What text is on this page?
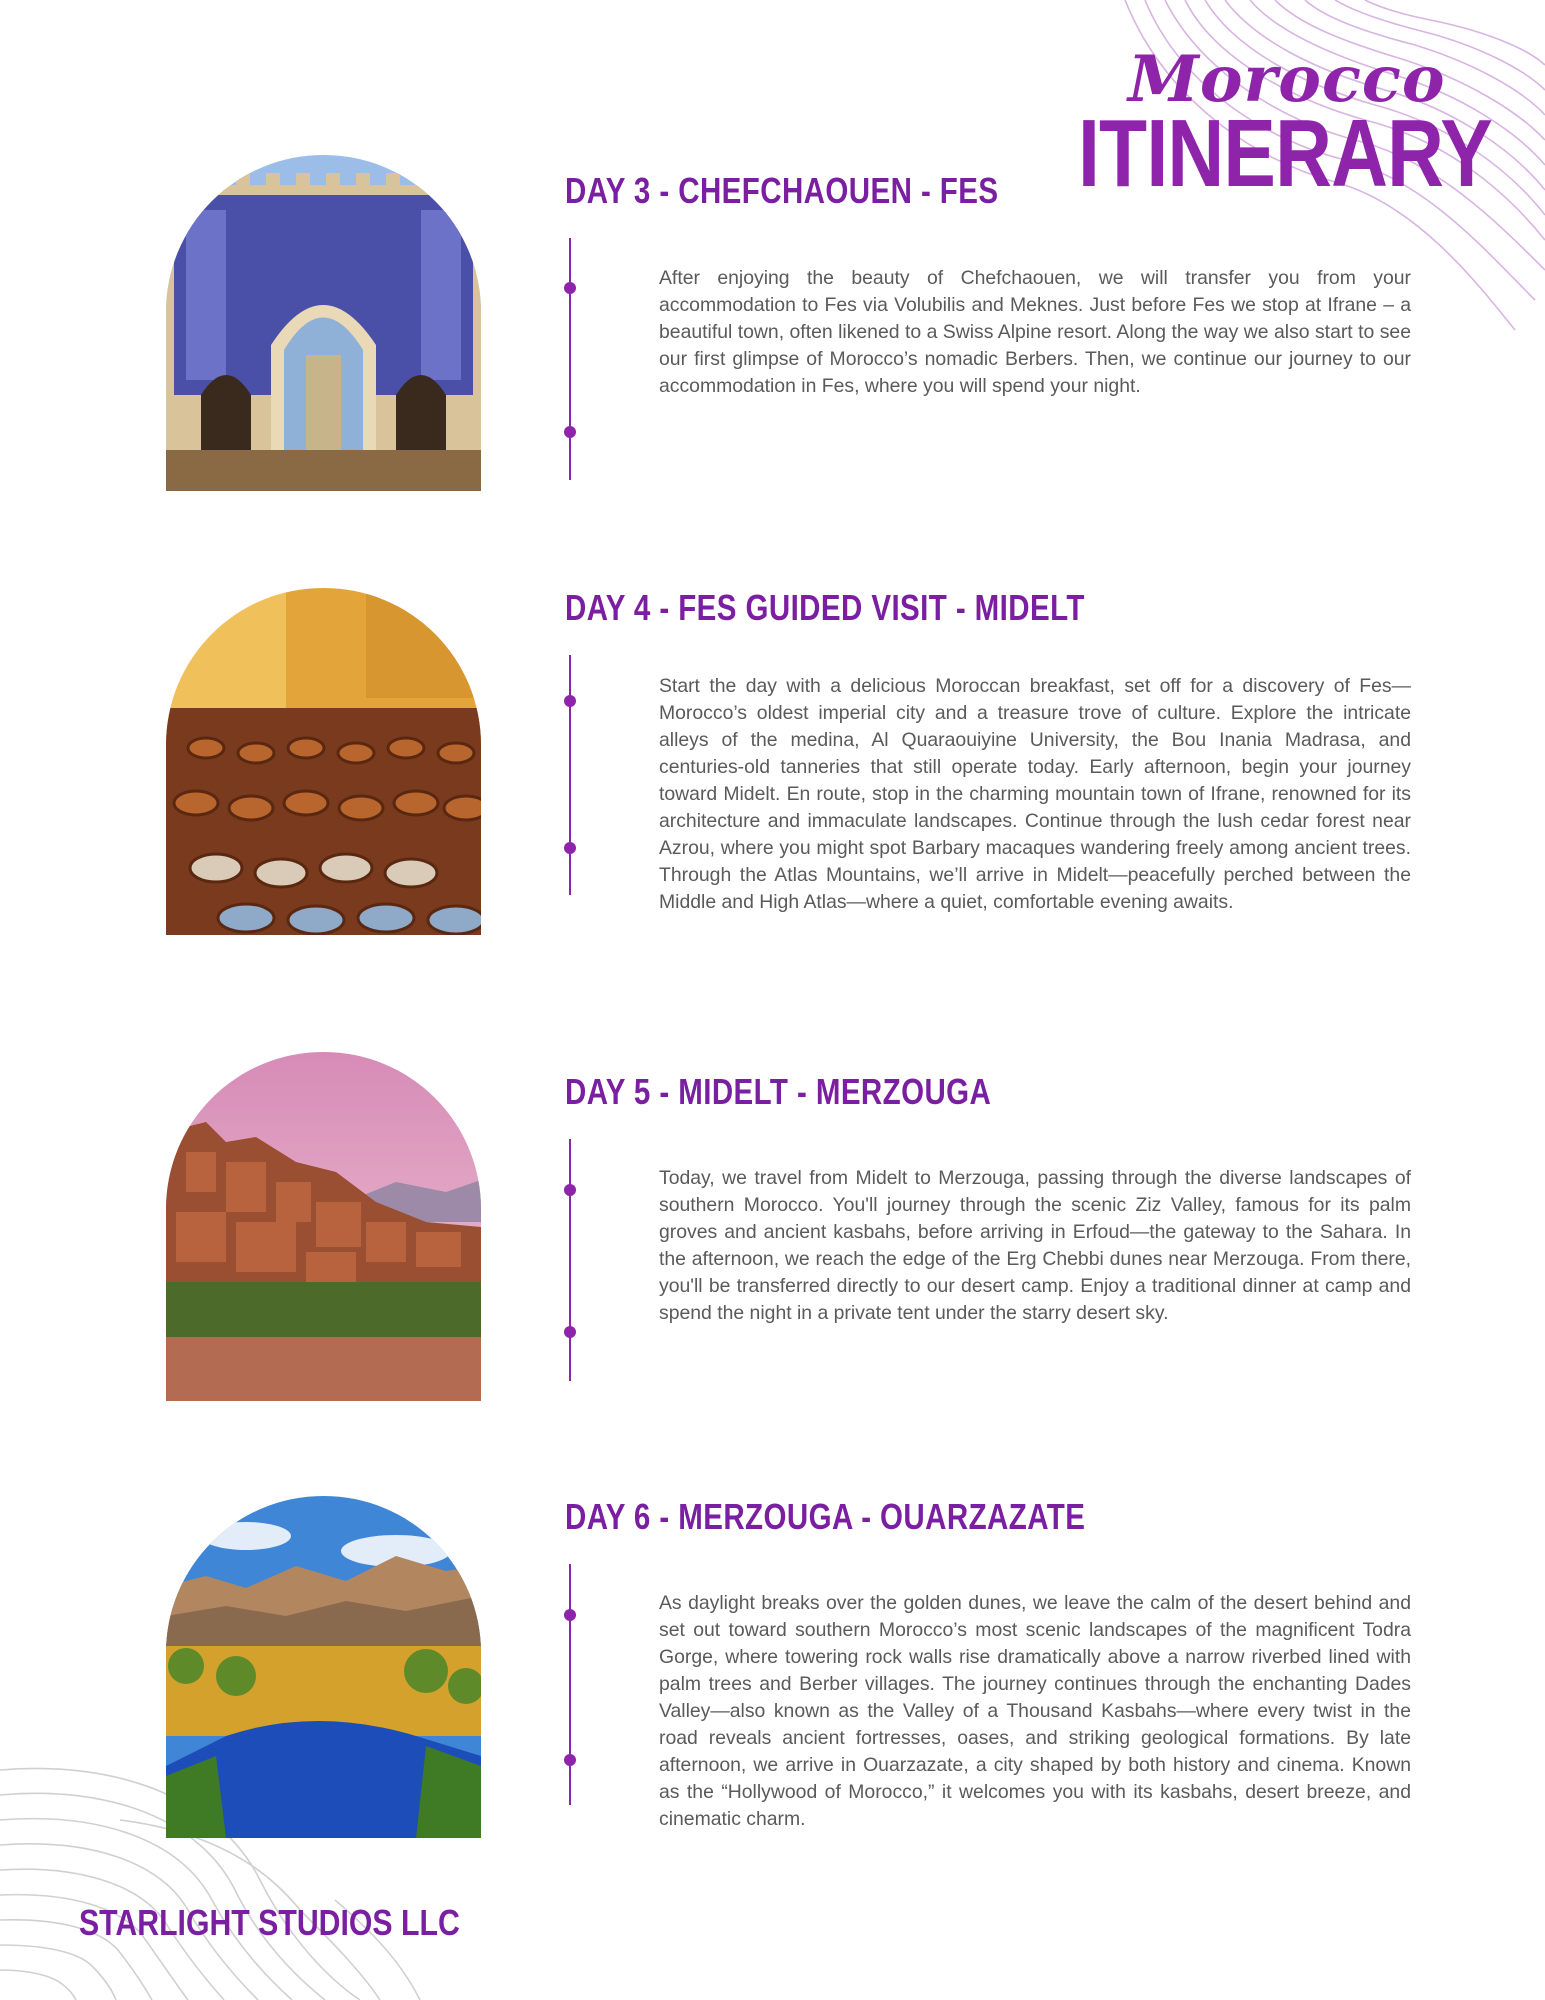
Morocco
ITINERARY
DAY 3 - CHEFCHAOUEN - FES

After enjoying the beauty of Chefchaouen, we will transfer you from your accommodation to Fes via Volubilis and Meknes. Just before Fes we stop at Ifrane – a beautiful town, often likened to a Swiss Alpine resort. Along the way we also start to see our first glimpse of Morocco’s nomadic Berbers. Then, we continue our journey to our accommodation in Fes, where you will spend your night.

DAY 4 - FES GUIDED VISIT - MIDELT

Start the day with a delicious Moroccan breakfast, set off for a discovery of Fes—Morocco’s oldest imperial city and a treasure trove of culture. Explore the intricate alleys of the medina, Al Quaraouiyine University, the Bou Inania Madrasa, and centuries-old tanneries that still operate today. Early afternoon, begin your journey toward Midelt. En route, stop in the charming mountain town of Ifrane, renowned for its architecture and immaculate landscapes. Continue through the lush cedar forest near Azrou, where you might spot Barbary macaques wandering freely among ancient trees. Through the Atlas Mountains, we’ll arrive in Midelt—peacefully perched between the Middle and High Atlas—where a quiet, comfortable evening awaits.

DAY 5 - MIDELT - MERZOUGA

Today, we travel from Midelt to Merzouga, passing through the diverse landscapes of southern Morocco. You'll journey through the scenic Ziz Valley, famous for its palm groves and ancient kasbahs, before arriving in Erfoud—the gateway to the Sahara. In the afternoon, we reach the edge of the Erg Chebbi dunes near Merzouga. From there, you'll be transferred directly to our desert camp. Enjoy a traditional dinner at camp and spend the night in a private tent under the starry desert sky.

DAY 6 - MERZOUGA - OUARZAZATE

As daylight breaks over the golden dunes, we leave the calm of the desert behind and set out toward southern Morocco’s most scenic landscapes of the magnificent Todra Gorge, where towering rock walls rise dramatically above a narrow riverbed lined with palm trees and Berber villages. The journey continues through the enchanting Dades Valley—also known as the Valley of a Thousand Kasbahs—where every twist in the road reveals ancient fortresses, oases, and striking geological formations. By late afternoon, we arrive in Ouarzazate, a city shaped by both history and cinema. Known as the “Hollywood of Morocco,” it welcomes you with its kasbahs, desert breeze, and cinematic charm.

STARLIGHT STUDIOS LLC
